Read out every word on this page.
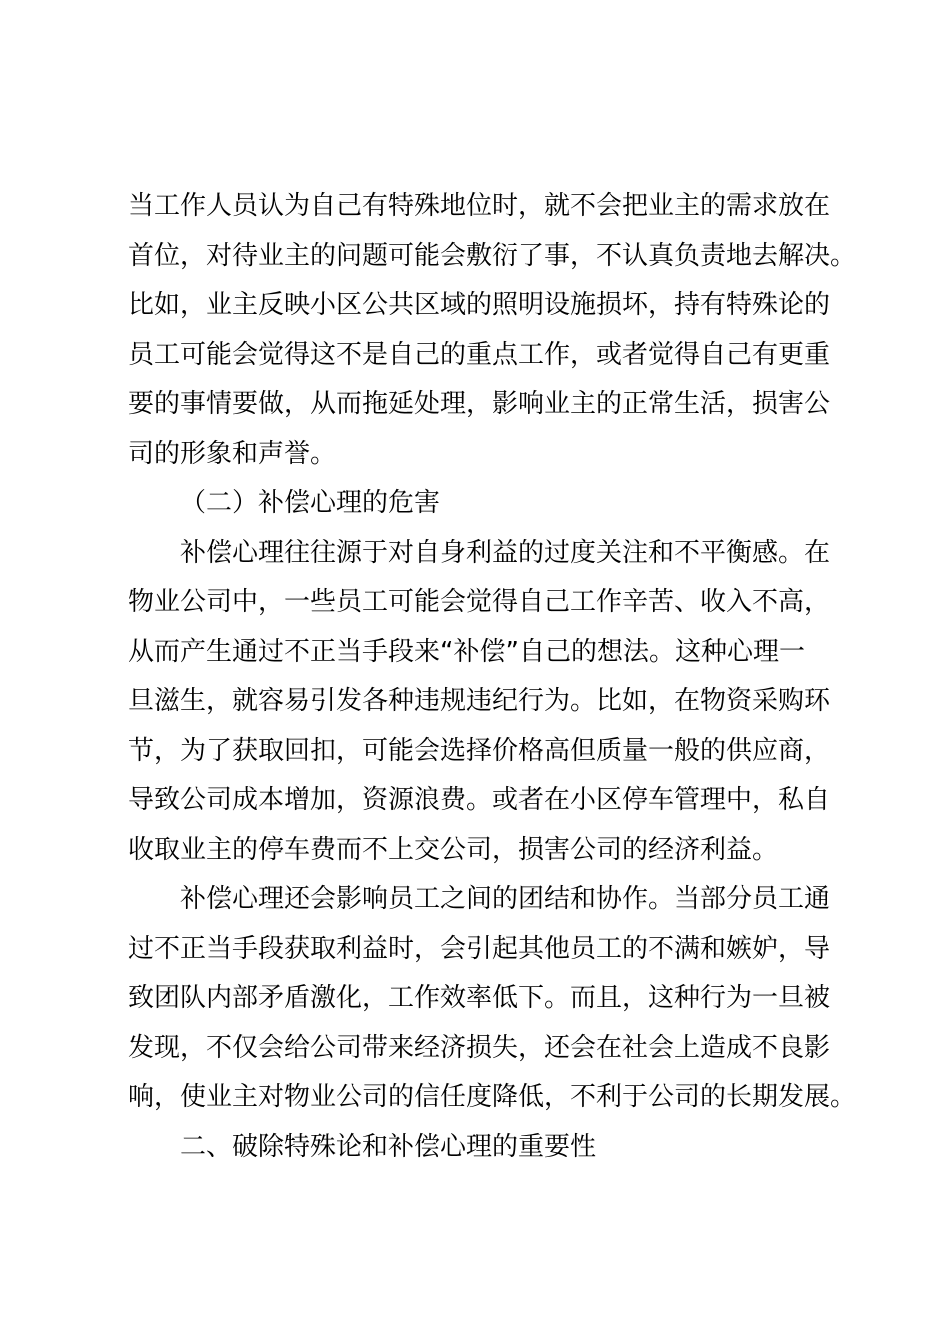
当工作人员认为自己有特殊地位时，就不会把业主的需求放在
首位，对待业主的问题可能会敷衍了事，不认真负责地去解决。
比如，业主反映小区公共区域的照明设施损坏，持有特殊论的
员工可能会觉得这不是自己的重点工作，或者觉得自己有更重
要的事情要做，从而拖延处理，影响业主的正常生活，损害公
司的形象和声誉。
（二）补偿心理的危害
补偿心理往往源于对自身利益的过度关注和不平衡感。在
物业公司中，一些员工可能会觉得自己工作辛苦、收入不高，
从而产生通过不正当手段来“补偿”自己的想法。这种心理一
旦滋生，就容易引发各种违规违纪行为。比如，在物资采购环
节，为了获取回扣，可能会选择价格高但质量一般的供应商，
导致公司成本增加，资源浪费。或者在小区停车管理中，私自
收取业主的停车费而不上交公司，损害公司的经济利益。
补偿心理还会影响员工之间的团结和协作。当部分员工通
过不正当手段获取利益时，会引起其他员工的不满和嫉妒，导
致团队内部矛盾激化，工作效率低下。而且，这种行为一旦被
发现，不仅会给公司带来经济损失，还会在社会上造成不良影
响，使业主对物业公司的信任度降低，不利于公司的长期发展。
二、破除特殊论和补偿心理的重要性
